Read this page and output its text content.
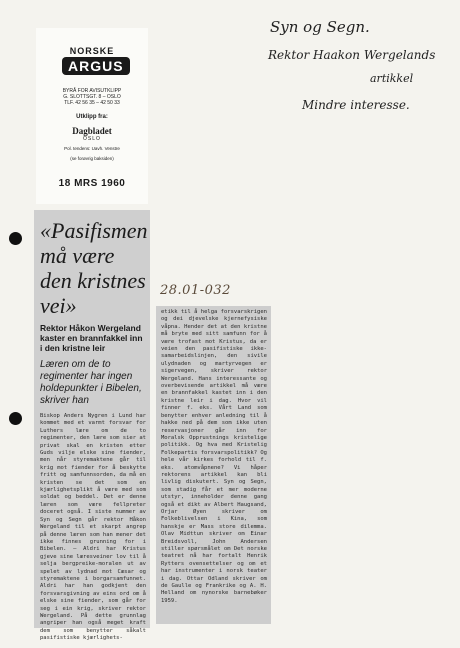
NORSKE
ARGUS
BYRÅ FOR AVISUTKLIPP
G. SLOTTSGT. 8 – OSLO
TLF. 42 56 35 – 42 50 33
Utklipp fra:
Dagbladet
OSLO
Pol. tendens: Uavh. Venstre
(se forøvrig baksiden)
18 MRS 1960
Syn og Segn.
Rektor Haakon Wergelands
artikkel
Mindre interesse.
28.01-032
«Pasifismen må være den kristnes vei»
Rektor Håkon Wergeland kaster en brannfakkel inn i den kristne leir
Læren om de to regimenter har ingen holdepunkter i Bibelen, skriver han
Biskop Anders Nygren i Lund har kommet med et varmt forsvar for Luthers lære om de to regimenter, den lære som sier at privat skal en kristen etter Guds vilje elske sine fiender, men når styremaktene går til krig mot fiender for å beskytte fritt og samfunnsorden, da må en kristen se det som en kjærlighetsplikt å være med som soldat og beddel. Det er denne læren som være fellpreter doceret også. I siste nummer av Syn og Segn går rektor Håkon Wergeland til et skarpt angrep på denne læren som han mener det ikke finnes grunning for i Bibelen. — Aldri har Kristus gjeve sine læresveiner lov til å selja bergpreike-moralen ut av spelet av lydnad mot Cæsar og styremaktene i borgarsamfunnet. Aldri har han godkjent den forsvarsgivning av eins ord om å elske sine fiender, som går for seg i ein krig, skriver rektor Wergeland. På dette grunnlag angriper han også meget kraft dem som benytter såkalt pasifistiske kjærlighets-
etikk til å helga forsvarskrigen og dei djevelske kjernefysiske våpna. Hender det at den kristne må bryte med sitt samfunn for å være trofast mot Kristus, da er veien den pasifistiske ikke-samarbeidslinjen, den sivile ulydnaden og martyrvegen er sigervegen, skriver rektor Wergeland. Hans interessante og overbevisende artikkel må være en brannfakkel kastet inn i den kristne leir i dag. Hvor vil finner f. eks. Vårt Land som benytter enhver anledning til å hakke ned på dem som ikke uten reservasjoner går inn for Moralsk Opprustnings kristelige politikk. Og hva med Kristelig Folkepartis forsvarspolitikk? Og hele vår kirkes forhold til f. eks. atomvåpnene? Vi håper rektorens artikkel kan bli livlig diskutert. Syn og Segn, som stadig får et mer moderne utstyr, inneholder denne gang også et dikt av Albert Haugsand, Orjar Øyen skriver om Folkeblivelsen i Kina, som hanskje er Mass store dilemma. Olav Midttun skriver om Einar Breidsvoll, John Andersen stiller spørsmålet om Det norske teatret nå har fortalt Henrik Rytters ovensettelser og om et har instrumenter i norsk teater i dag. Ottar Odland skriver om de Gaulle og Frankrike og A. H. Helland om nynorske barnebøker 1959.
